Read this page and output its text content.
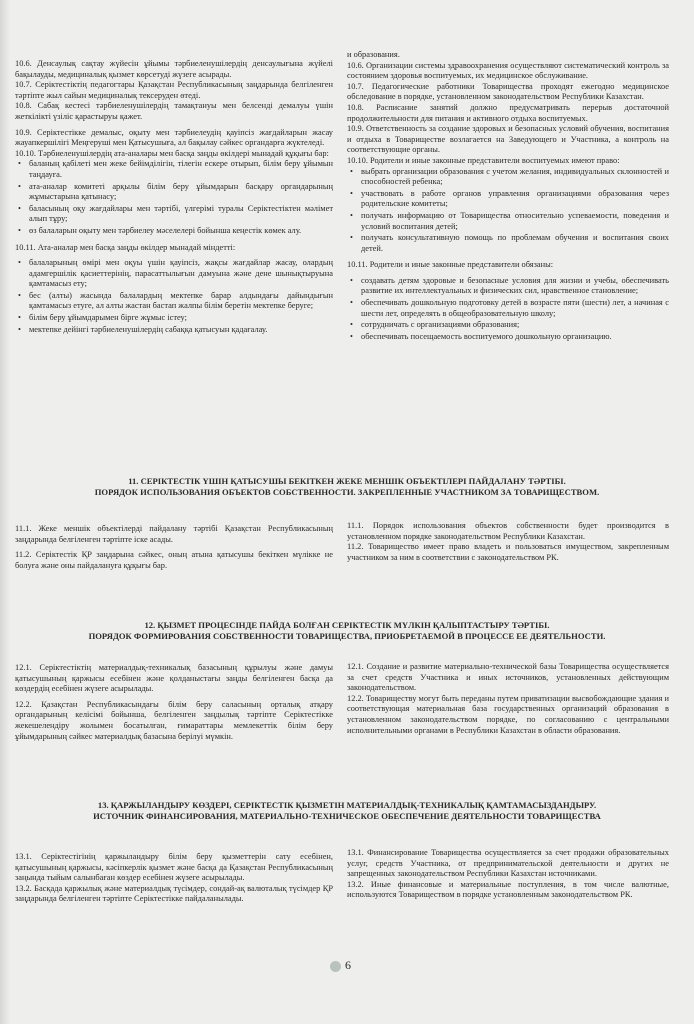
10.6. Денсаулық сақтау жүйесін ұйымы тәрбиеленушілердің денсаулығына жүйелі бақылауды, медициналық қызмет көрсетуді жүзеге асырады.

10.7. Серіктестіктің педагогтары Қазақстан Республикасының заңдарында белгіленген тәртіпте жыл сайын медициналық тексеруден өтеді.

10.8. Сабақ кестесі тәрбиеленушілердің тамақтануы мен белсенді демалуы үшін жеткілікті үзіліс қарастыруы қажет.

10.9. Серіктестікке демалыс, оқыту мен тәрбиелеудің қауіпсіз жағдайларын жасау жауапкершілігі Меңгеруші мен Қатысушыға, ал бақылау сәйкес органдарға жүктеледі.

10.10. Тәрбиеленушілердің ата-аналары мен басқа заңды өкілдері мынадай құқығы бар:

• баланың қабілеті мен жеке бейімділігін, тілегін ескере отырып, білім беру ұйымын таңдауға.
• ата-аналар комитеті арқылы білім беру ұйымдарын басқару органдарының жұмыстарына қатынасу;
• баласының оқу жағдайлары мен тәртібі, үлгерімі туралы Серіктестіктен мәлімет алып тұру;
• өз балаларын оқыту мен тәрбиелеу мәселелері бойынша кеңестік көмек алу.

10.11. Ата-аналар мен басқа заңды өкілдер мынадай міндетті:

• балаларының өмірі мен оқуы үшін қауіпсіз, жақсы жағдайлар жасау, олардың адамгершілік қасиеттерінің, парасаттылығын дамуына және дене шынықтыруына қамтамасыз ету;
• бес (алты) жасында балалардың мектепке барар алдындағы дайындығын қамтамасыз етуге, ал алты жастан бастап жалпы білім беретін мектепке беруге;
• білім беру ұйымдарымен бірге жұмыс істеу;
• мектепке дейінгі тәрбиеленушілердің сабаққа қатысуын қадағалау.

и образования.

10.6. Организации системы здравоохранения осуществляют систематический контроль за состоянием здоровья воспитуемых, их медицинское обслуживание.

10.7. Педагогические работники Товарищества проходят ежегодно медицинское обследование в порядке, установленном законодательством Республики Казахстан.

10.8. Расписание занятий должно предусматривать перерыв достаточной продолжительности для питания и активного отдыха воспитуемых.

10.9. Ответственность за создание здоровых и безопасных условий обучения, воспитания и отдыха в Товариществе возлагается на Заведующего и Участника, а контроль на соответствующие органы.

10.10. Родители и иные законные представители воспитуемых имеют право:

• выбрать организации образования с учетом желания, индивидуальных склонностей и способностей ребенка;
• участвовать в работе органов управления организациями образования через родительские комитеты;
• получать информацию от Товарищества относительно успеваемости, поведения и условий воспитания детей;
• получать консультативную помощь по проблемам обучения и воспитания своих детей.

10.11. Родители и иные законные представители обязаны:

• создавать детям здоровые и безопасные условия для жизни и учебы, обеспечивать развитие их интеллектуальных и физических сил, нравственное становление;
• обеспечивать дошкольную подготовку детей в возрасте пяти (шести) лет, а начиная с шести лет, определять в общеобразовательную школу;
• сотрудничать с организациями образования;
• обеспечивать посещаемость воспитуемого дошкольную организацию.
11. СЕРІКТЕСТІК ҮШІН ҚАТЫСУШЫ БЕКІТКЕН ЖЕКЕ МЕНШІК ОБЪЕКТІЛЕРІ ПАЙДАЛАНУ ТӘРТІБІ.
ПОРЯДОК ИСПОЛЬЗОВАНИЯ ОБЪЕКТОВ СОБСТВЕННОСТИ. ЗАКРЕПЛЕННЫЕ УЧАСТНИКОМ ЗА ТОВАРИЩЕСТВОМ.

11.1. Жеке меншік объектілерді пайдалану тәртібі Қазақстан Республикасының заңдарында белгіленген тәртіпте іске асады.

11.2. Серіктестік ҚР заңдарына сәйкес, оның атына қатысушы бекіткен мүлікке не болуға және оны пайдалануға құқығы бар.

11.1. Порядок использования объектов собственности будет производится в установленном порядке законодательством Республики Казахстан.

11.2. Товарищество имеет право владеть и пользоваться имуществом, закрепленным участником за ним в соответствии с законодательством РК.

12. ҚЫЗМЕТ ПРОЦЕСІНДЕ ПАЙДА БОЛҒАН СЕРІКТЕСТІК МҮЛКІН ҚАЛЫПТАСТЫРУ ТӘРТІБІ.
ПОРЯДОК ФОРМИРОВАНИЯ СОБСТВЕННОСТИ ТОВАРИЩЕСТВА, ПРИОБРЕТАЕМОЙ В ПРОЦЕССЕ ЕЕ ДЕЯТЕЛЬНОСТИ.

12.1. Серіктестіктің материалдық-техникалық базасының құрылуы және дамуы қатысушының қаржысы есебінен және қолданыстағы заңды белгіленген басқа да көздердің есебінен жүзеге асырылады.

12.2. Қазақстан Республикасындағы білім беру саласының орталық атқару органдарының келісімі бойынша, белгіленген заңдылық тәртіпте Серіктестікке жекешелендіру жолымен босатылған, ғимараттары мемлекеттік білім беру ұйымдарының сәйкес материалдық базасына берілуі мүмкін.

12.1. Создание и развитие материально-технической базы Товарищества осуществляется за счет средств Участника и иных источников, установленных действующим законодательством.

12.2. Товариществу могут быть переданы путем приватизации высвобождающие здания и соответствующая материальная база государственных организаций образования в установленном законодательством порядке, по согласованию с центральными исполнительными органами в Республики Казахстан в области образования.

13. ҚАРЖЫЛАНДЫРУ КӨЗДЕРІ, СЕРІКТЕСТІК ҚЫЗМЕТІН МАТЕРИАЛДЫҚ-ТЕХНИКАЛЫҚ ҚАМТАМАСЫЗДАНДЫРУ.
ИСТОЧНИК ФИНАНСИРОВАНИЯ, МАТЕРИАЛЬНО-ТЕХНИЧЕСКОЕ ОБЕСПЕЧЕНИЕ ДЕЯТЕЛЬНОСТИ ТОВАРИЩЕСТВА

13.1. Серіктестігінің қаржыландыру білім беру қызметтерін сату есебінен, қатысушының қаржысы, кәсіпкерлік қызмет және басқа да Қазақстан Республикасының заңында тыйым салынбаған көздер есебінен жүзеге асырылады.

13.2. Басқада қаржылық және материалдық түсімдер, сондай-ақ валюталық түсімдер ҚР заңдарында белгіленген тәртіпте Серіктестікке пайдаланылады.

13.1. Финансирование Товарищества осуществляется за счет продажи образовательных услуг, средств Участника, от предпринимательской деятельности и других не запрещенных законодательством Республики Казахстан источниками.

13.2. Иные финансовые и материальные поступления, в том числе валютные, используются Товариществом в порядке установленным законодательством РК.

6
